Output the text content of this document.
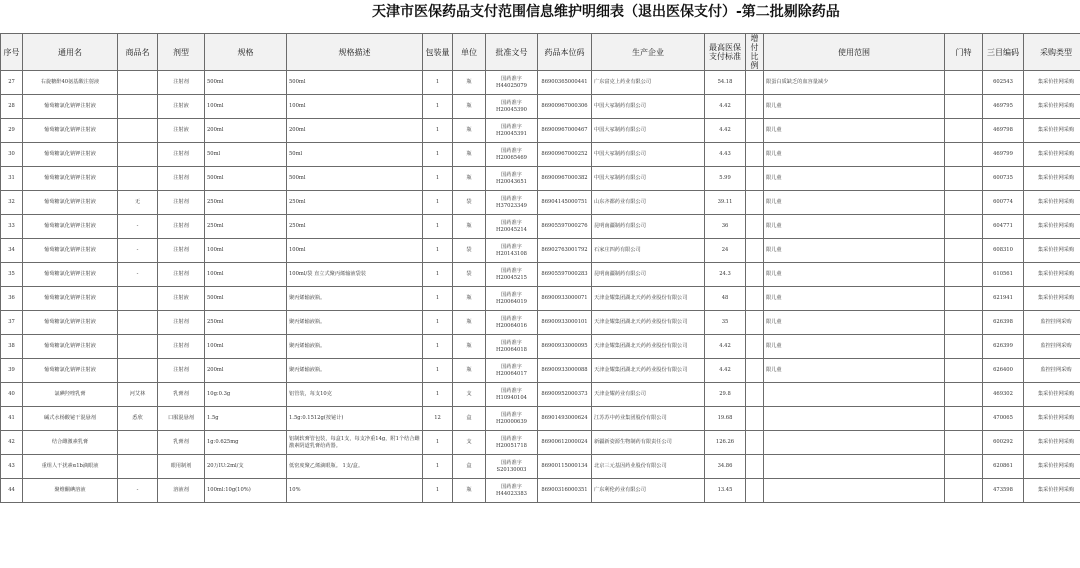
天津市医保药品支付范围信息维护明细表（退出医保支付）-第二批剔除药品
序号	通用名	商品名	剂型	规格	规格描述	包装量	单位	批准文号	药品本位码	生产企业	最高医保支付标准	增付比例	使用范围	门特	三目编码	采购类型
27	右旋糖酐40氨基酸注射液		注射剂	500ml	500ml	1	瓶	国药准字H44025079	86900365000441	广东富克上药业有限公司	54.18		限蛋白质缺乏的血容量减少		602543	集采价挂网采购
28	葡萄糖氯化钠钾注射液		注射液	100ml	100ml	1	瓶	国药准字H20045390	86900967000306	中国大冢制药有限公司	4.42		限儿童		469795	集采价挂网采购
29	葡萄糖氯化钠钾注射液		注射液	200ml	200ml	1	瓶	国药准字H20045391	86900967000467	中国大冢制药有限公司	4.42		限儿童		469798	集采价挂网采购
30	葡萄糖氯化钠钾注射液		注射剂	50ml	50ml	1	瓶	国药准字H20065469	86900967000252	中国大冢制药有限公司	4.43		限儿童		469799	集采价挂网采购
31	葡萄糖氯化钠钾注射液		注射剂	500ml	500ml	1	瓶	国药准字H20043651	86900967000382	中国大冢制药有限公司	5.99		限儿童		600735	集采价挂网采购
32	葡萄糖氯化钠钾注射液	无	注射剂	250ml	250ml	1	袋	国药准字H37023349	86904145000751	山东齐都药业有限公司	39.11		限儿童		600774	集采价挂网采购
33	葡萄糖氯化钠钾注射液	-	注射剂	250ml	250ml	1	瓶	国药准字H20045214	86905597000276	昆明南疆制药有限公司	36		限儿童		604771	集采价挂网采购
34	葡萄糖氯化钠钾注射液	-	注射剂	100ml	100ml	1	袋	国药准字H20143108	86902763001792	石家庄四药有限公司	24		限儿童		608310	集采价挂网采购
35	葡萄糖氯化钠钾注射液	-	注射剂	100ml	100ml/袋 直立式聚丙烯输液袋装	1	袋	国药准字H20045215	86905597000283	昆明南疆制药有限公司	24.3		限儿童		610561	集采价挂网采购
36	葡萄糖氯化钠钾注射液		注射液	500ml	聚丙烯输液瓶。	1	瓶	国药准字H20064019	86900933000071	天津金耀集团湖北天药药业股份有限公司	48		限儿童		621941	集采价挂网采购
37	葡萄糖氯化钠钾注射液		注射剂	250ml	聚丙烯输液瓶。	1	瓶	国药准字H20064016	86900933000101	天津金耀集团湖北天药药业股份有限公司	35		限儿童		626398	监控挂网采购
38	葡萄糖氯化钠钾注射液		注射剂	100ml	聚丙烯输液瓶。	1	瓶	国药准字H20064018	86900933000095	天津金耀集团湖北天药药业股份有限公司	4.42		限儿童		626399	监控挂网采购
39	葡萄糖氯化钠钾注射液		注射剂	200ml	聚丙烯输液瓶。	1	瓶	国药准字H20064017	86900933000088	天津金耀集团湖北天药药业股份有限公司	4.42		限儿童		626400	监控挂网采购
40	氯碘羟喹乳膏	河艾林	乳膏剂	10g:0.3g	铝管装，每支10克	1	支	国药准字H10940104	86900952000373	天津金耀药业有限公司	29.8				469302	集采价挂网采购
41	碱式水杨酸铋干混悬剂	悉欣	口服混悬剂	1.5g	1.5g:0.1512g(按铋计)	12	盒	国药准字H20000639	86901493000624	江苏苏中药业集团股份有限公司	19.68				470065	集采价挂网采购
42	结合雌激素乳膏		乳膏剂	1g:0.625mg	铝制软膏管包装，每盒1支，每支净重14g，附1个结合雌激素阴道乳膏给药器。	1	支	国药准字H20051718	86900612000024	新疆新姿源生物制药有限责任公司	126.26				600292	集采价挂网采购
43	重组人干扰素α1b滴眼液		眼用制剂	20万IU:2ml/支	低密度聚乙烯滴眼瓶。 1支/盒。	1	盒	国药准字S20130003	86900115000134	北京三元基因药业股份有限公司	34.86				620861	集采价挂网采购
44	聚维酮碘溶液	-	溶液剂	100ml:10g(10%)	10%	1	瓶	国药准字H44023383	86900316000351	广东利伦药业有限公司	13.45				473598	集采价挂网采购
